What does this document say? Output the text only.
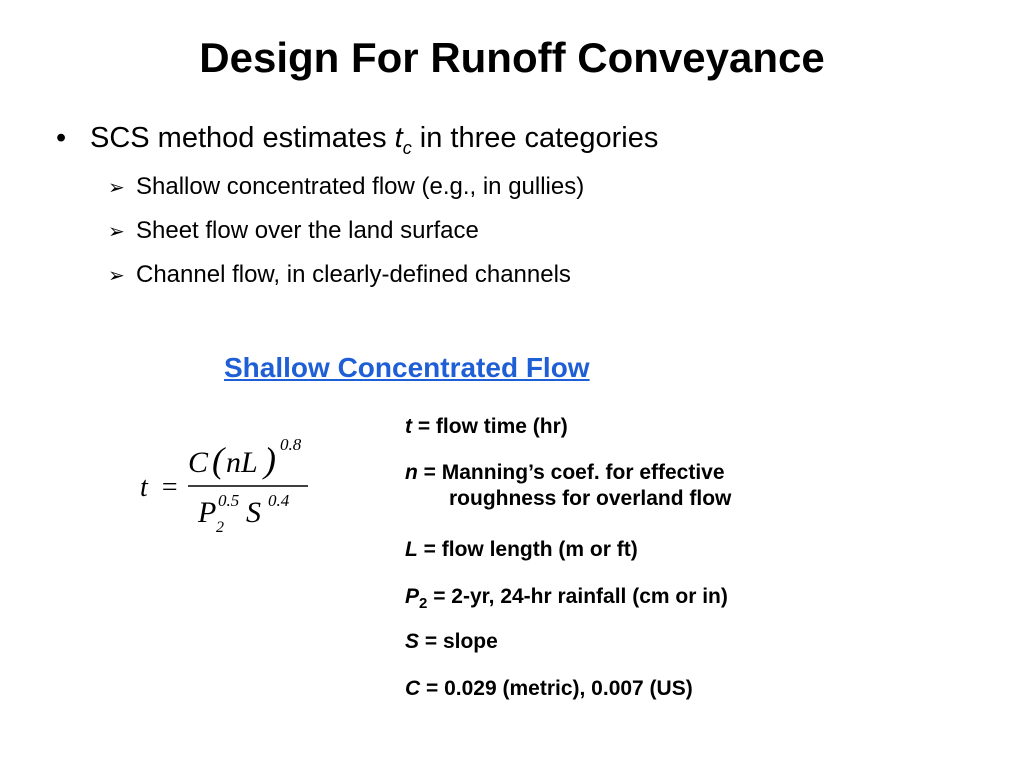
Design For Runoff Conveyance
• SCS method estimates $t_c$ in three categories
➢ Shallow concentrated flow (e.g., in gullies)
➢ Sheet flow over the land surface
➢ Channel flow, in clearly-defined channels
Shallow Concentrated Flow
t =
C ( nL ) 0.8
P 2
0.5 S 0.4
t = flow time (hr)
n = Manning’s coef. for effective
roughness for overland flow
L = flow length (m or ft)
$P_2 = 2-yr$, 24-hr rainfall (cm or in)
S = slope
C = 0.029 (metric), 0.007 (US)
